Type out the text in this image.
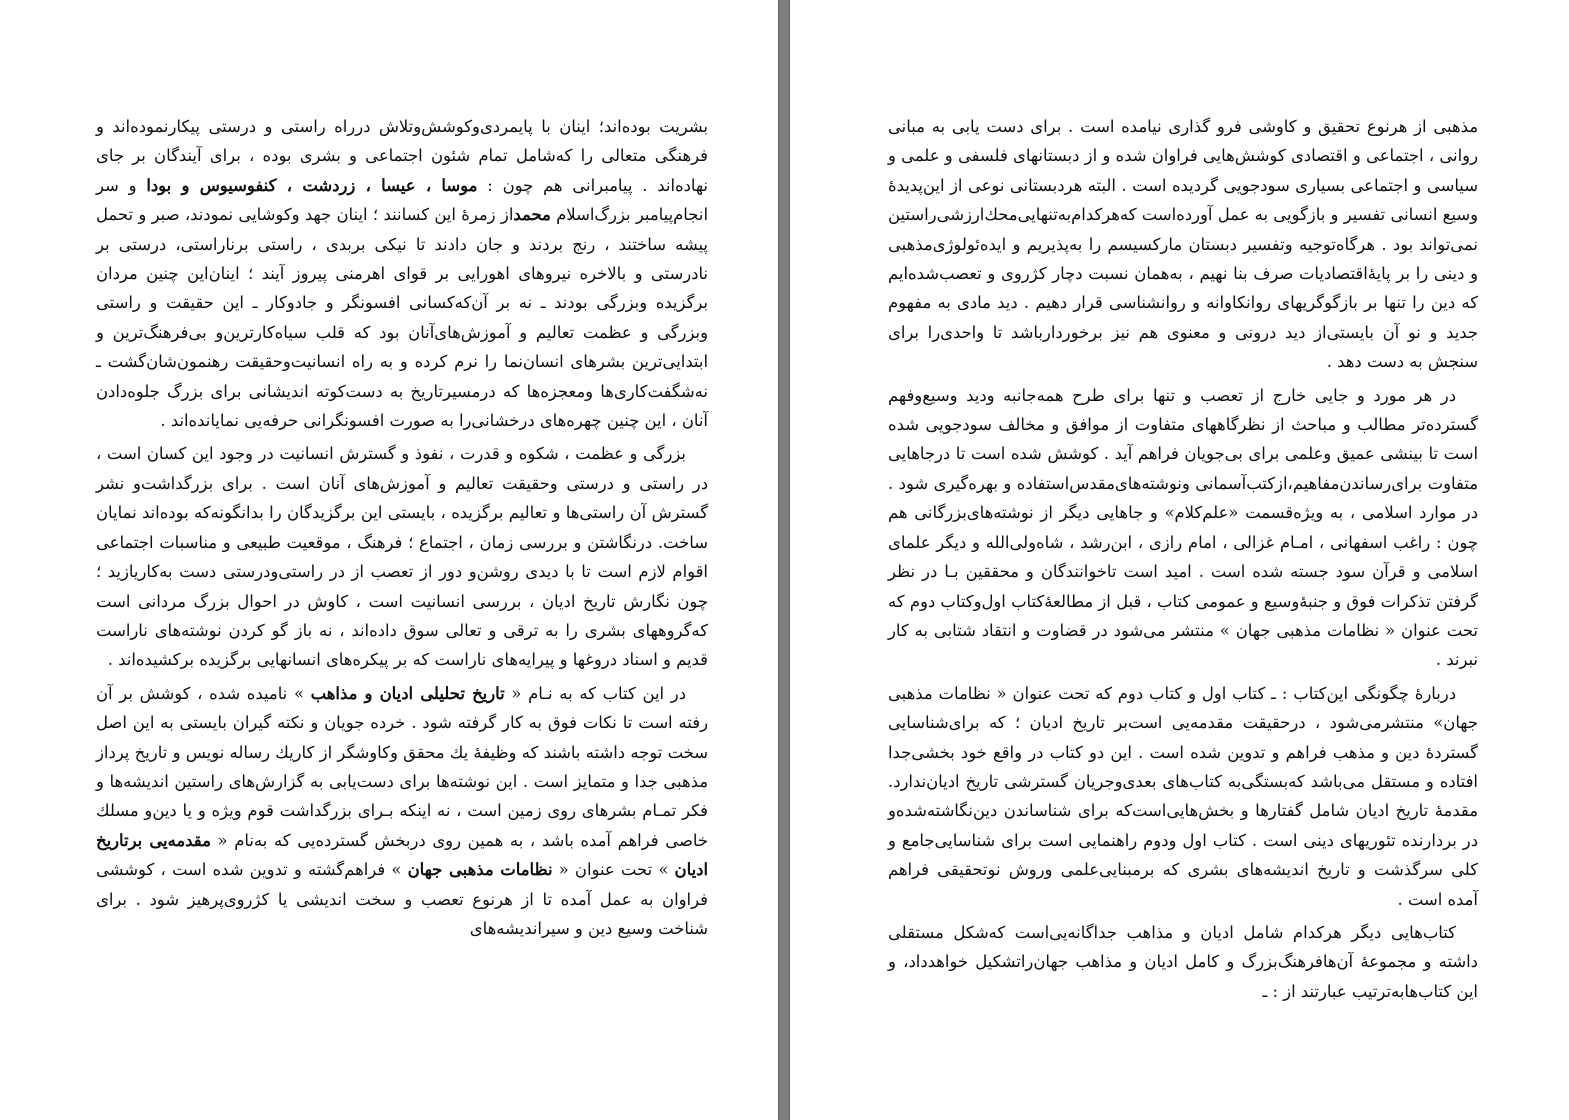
بشریت بوده‌اند؛ اینان با پایمردی‌وکوشش‌وتلاش درراه راستی و درستی پیکارنموده‌اند و فرهنگی متعالی را که‌شامل تمام شئون اجتماعی و بشری بوده ، برای آیندگان بر جای نهاده‌اند . پیامبرانی هم چون : موسا ، عیسا ، زردشت ، کنفوسیوس و بودا و سر انجام‌پیامبر بزرگ‌اسلام محمداز زمرهٔ این کسانند ؛ اینان جهد وکوشایی نمودند، صبر و تحمل پیشه ساختند ، رنج بردند و جان دادند تا نیکی بربدی ، راستی برناراستی، درستی بر نادرستی و بالاخره نیروهای اهورایی بر قوای اهرمنی پیروز آیند ؛ اینان‌این چنین مردان برگزیده وبزرگی بودند ـ نه بر آن‌که‌کسانی افسونگر و جادوکار ـ این حقیقت و راستی وبزرگی و عظمت تعالیم و آموزش‌های‌آنان بود که قلب سیاه‌کارترین‌و بی‌فرهنگ‌ترین و ابتدایی‌ترین بشرهای انسان‌نما را نرم کرده و به راه انسانیت‌وحقیقت رهنمون‌شان‌گشت ـ نه‌شگفت‌کاری‌ها ومعجزه‌ها که درمسیرتاریخ به دست‌کوته اندیشانی برای بزرگ جلوه‌دادن آنان ، این چنین چهره‌های درخشانی‌را به صورت افسونگرانی حرفه‌یی نمایانده‌اند .

بزرگی و عظمت ، شکوه و قدرت ، نفوذ و گسترش انسانیت در وجود این کسان است ، در راستی و درستی وحقیقت تعالیم و آموزش‌های آنان است . برای بزرگداشت‌و نشر گسترش آن راستی‌ها و تعالیم برگزیده ، بایستی این برگزیدگان را بدانگونه‌که بوده‌اند نمایان ساخت. درنگاشتن و بررسی زمان ، اجتماع ؛ فرهنگ ، موقعیت طبیعی و مناسبات اجتماعی اقوام لازم است تا با دیدی روشن‌و دور از تعصب از در راستی‌ودرستی دست به‌کاریازید ؛ چون نگارش تاریخ ادیان ، بررسی انسانیت است ، کاوش در احوال بزرگ مردانی است که‌گروههای بشری را به ترقی و تعالی سوق داده‌اند ، نه باز گو کردن نوشته‌های ناراست قدیم و اسناد دروغها و پیرایه‌های ناراست که بر پیکره‌های انسانهایی برگزیده برکشیده‌اند .

در این کتاب که به نـام « تاریخ تحلیلی ادیان و مذاهب » نامیده شده ، کوشش بر آن رفته است تا نکات فوق به کار گرفته شود . خرده جویان و نکته گیران بایستی به این اصل سخت توجه داشته باشند که وظیفهٔ یك محقق وکاوشگر از کاریك رساله نویس و تاریخ پرداز مذهبی جدا و متمایز است . این نوشته‌ها برای دست‌یابی به گزارش‌های راستین اندیشه‌ها و فکر تمـام بشرهای روی زمین است ، نه اینکه بـرای بزرگداشت قوم ویژه و یا دین‌و مسلك خاصی فراهم آمده باشد ، به همین روی دربخش گسترده‌یی که به‌نام « مقدمه‌یی برتاریخ ادیان » تحت عنوان « نظامات مذهبی جهان » فراهم‌گشته و تدوین شده است ، کوششی فراوان به عمل آمده تا از هرنوع تعصب و سخت اندیشی یا کژروی‌پرهیز شود . برای شناخت وسیع دین و سیراندیشه‌های

مذهبی از هرنوع تحقیق و کاوشی فرو گذاری نیامده است . برای دست یابی به مبانی روانی ، اجتماعی و اقتصادی کوشش‌هایی فراوان شده و از دبستانهای فلسفی و علمی و سیاسی و اجتماعی بسیاری سودجویی گردیده است . البته هردبستانی نوعی از این‌پدیدهٔ وسیع انسانی تفسیر و بازگویی به عمل آورده‌است که‌هرکدام‌به‌تنهایی‌محك‌ارزشی‌راستین نمی‌تواند بود . هرگاه‌توجیه وتفسیر دبستان مارکسیسم را به‌پذیریم و ایده‌ئولوژی‌مذهبی و دینی را بر پایهٔ‌اقتصادیات صرف بنا نهیم ، به‌همان نسبت دچار کژروی و تعصب‌شده‌ایم که دین را تنها بر بازگوگریهای روانکاوانه و روانشناسی قرار دهیم . دید مادی به مفهوم جدید و نو آن بایستی‌از دید درونی و معنوی هم نیز برخوردارباشد تا واحدی‌را برای سنجش به دست دهد .

در هر مورد و جایی خارج از تعصب و تنها برای طرح همه‌جانبه ودید وسیع‌وفهم گسترده‌تر مطالب و مباحث از نظرگاههای متفاوت از موافق و مخالف سودجویی شده است تا بینشی عمیق وعلمی برای بی‌جویان فراهم آید . کوشش شده است تا درجاهایی متفاوت برای‌رساندن‌مفاهیم،ازکتب‌آسمانی ونوشته‌های‌مقدس‌استفاده و بهره‌گیری شود . در موارد اسلامی ، به ویژه‌قسمت «علم‌کلام» و جاهایی دیگر از نوشته‌های‌بزرگانی هم چون : راغب اسفهانی ، امـام غزالی ، امام رازی ، ابن‌رشد ، شاه‌ولی‌الله و دیگر علمای اسلامی و قرآن سود جسته شده است . امید است تاخوانندگان و محققین بـا در نظر گرفتن تذکرات فوق و جنبهٔ‌وسیع و عمومی کتاب ، قبل از مطالعهٔ‌کتاب اول‌وکتاب دوم که تحت عنوان « نظامات مذهبی جهان » منتشر می‌شود در قضاوت و انتقاد شتابی به کار نبرند .

دربارهٔ چگونگی این‌کتاب : ـ کتاب اول و کتاب دوم که تحت عنوان « نظامات مذهبی جهان» منتشرمی‌شود ، درحقیقت مقدمه‌یی است‌بر تاریخ ادیان ؛ که برای‌شناسایی گستردهٔ دین و مذهب فراهم و تدوین شده است . این دو کتاب در واقع خود بخشی‌جدا افتاده و مستقل می‌باشد که‌بستگی‌به کتاب‌های بعدی‌وجریان گسترشی تاریخ ادیان‌ندارد. مقدمهٔ تاریخ ادیان شامل گفتارها و بخش‌هایی‌است‌که برای شناساندن دین‌نگاشته‌شده‌و در بردارنده تئوریهای دینی است . کتاب اول ودوم راهنمایی است برای شناسایی‌جامع و کلی سرگذشت و تاریخ اندیشه‌های بشری که برمبنایی‌علمی وروش نوتحقیقی فراهم آمده است .

کتاب‌هایی دیگر هرکدام شامل ادیان و مذاهب جداگانه‌یی‌است که‌شکل مستقلی داشته و مجموعهٔ آن‌هافرهنگ‌بزرگ و کامل ادیان و مذاهب جهان‌راتشکیل خواهدداد، و این کتاب‌ها‌به‌ترتیب عبارتند از : ـ
